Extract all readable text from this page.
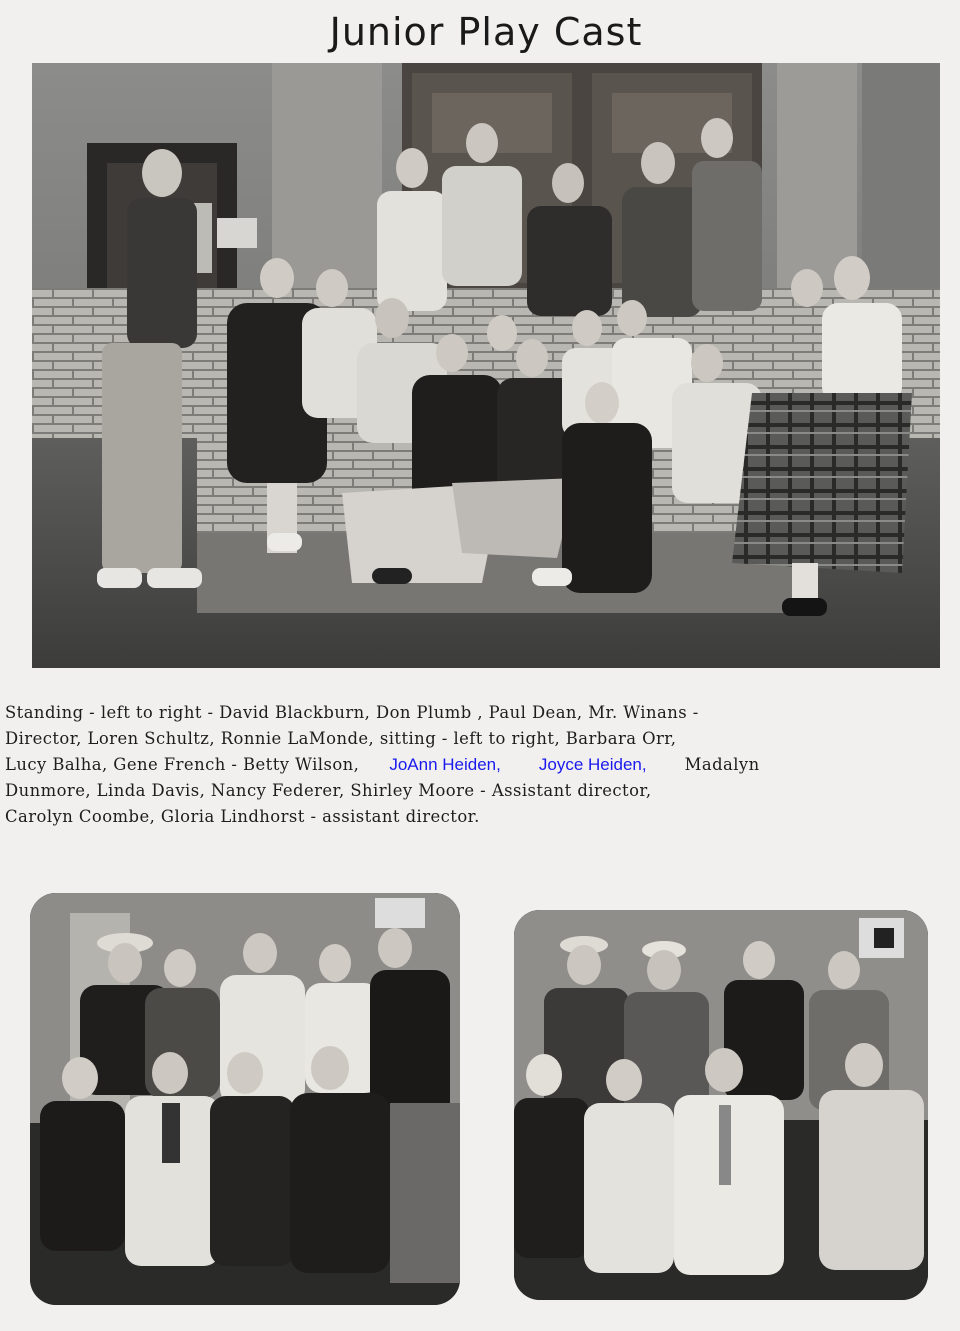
Junior Play Cast
Standing - left to right - David Blackburn, Don Plumb , Paul Dean, Mr. Winans -
Director, Loren Schultz, Ronnie LaMonde, sitting - left to right, Barbara Orr,
Lucy Balha, Gene French - Betty Wilson, JoAnn Heiden, Joyce Heiden, Madalyn
Dunmore, Linda Davis, Nancy Federer, Shirley Moore - Assistant director,
Carolyn Coombe, Gloria Lindhorst - assistant director.
